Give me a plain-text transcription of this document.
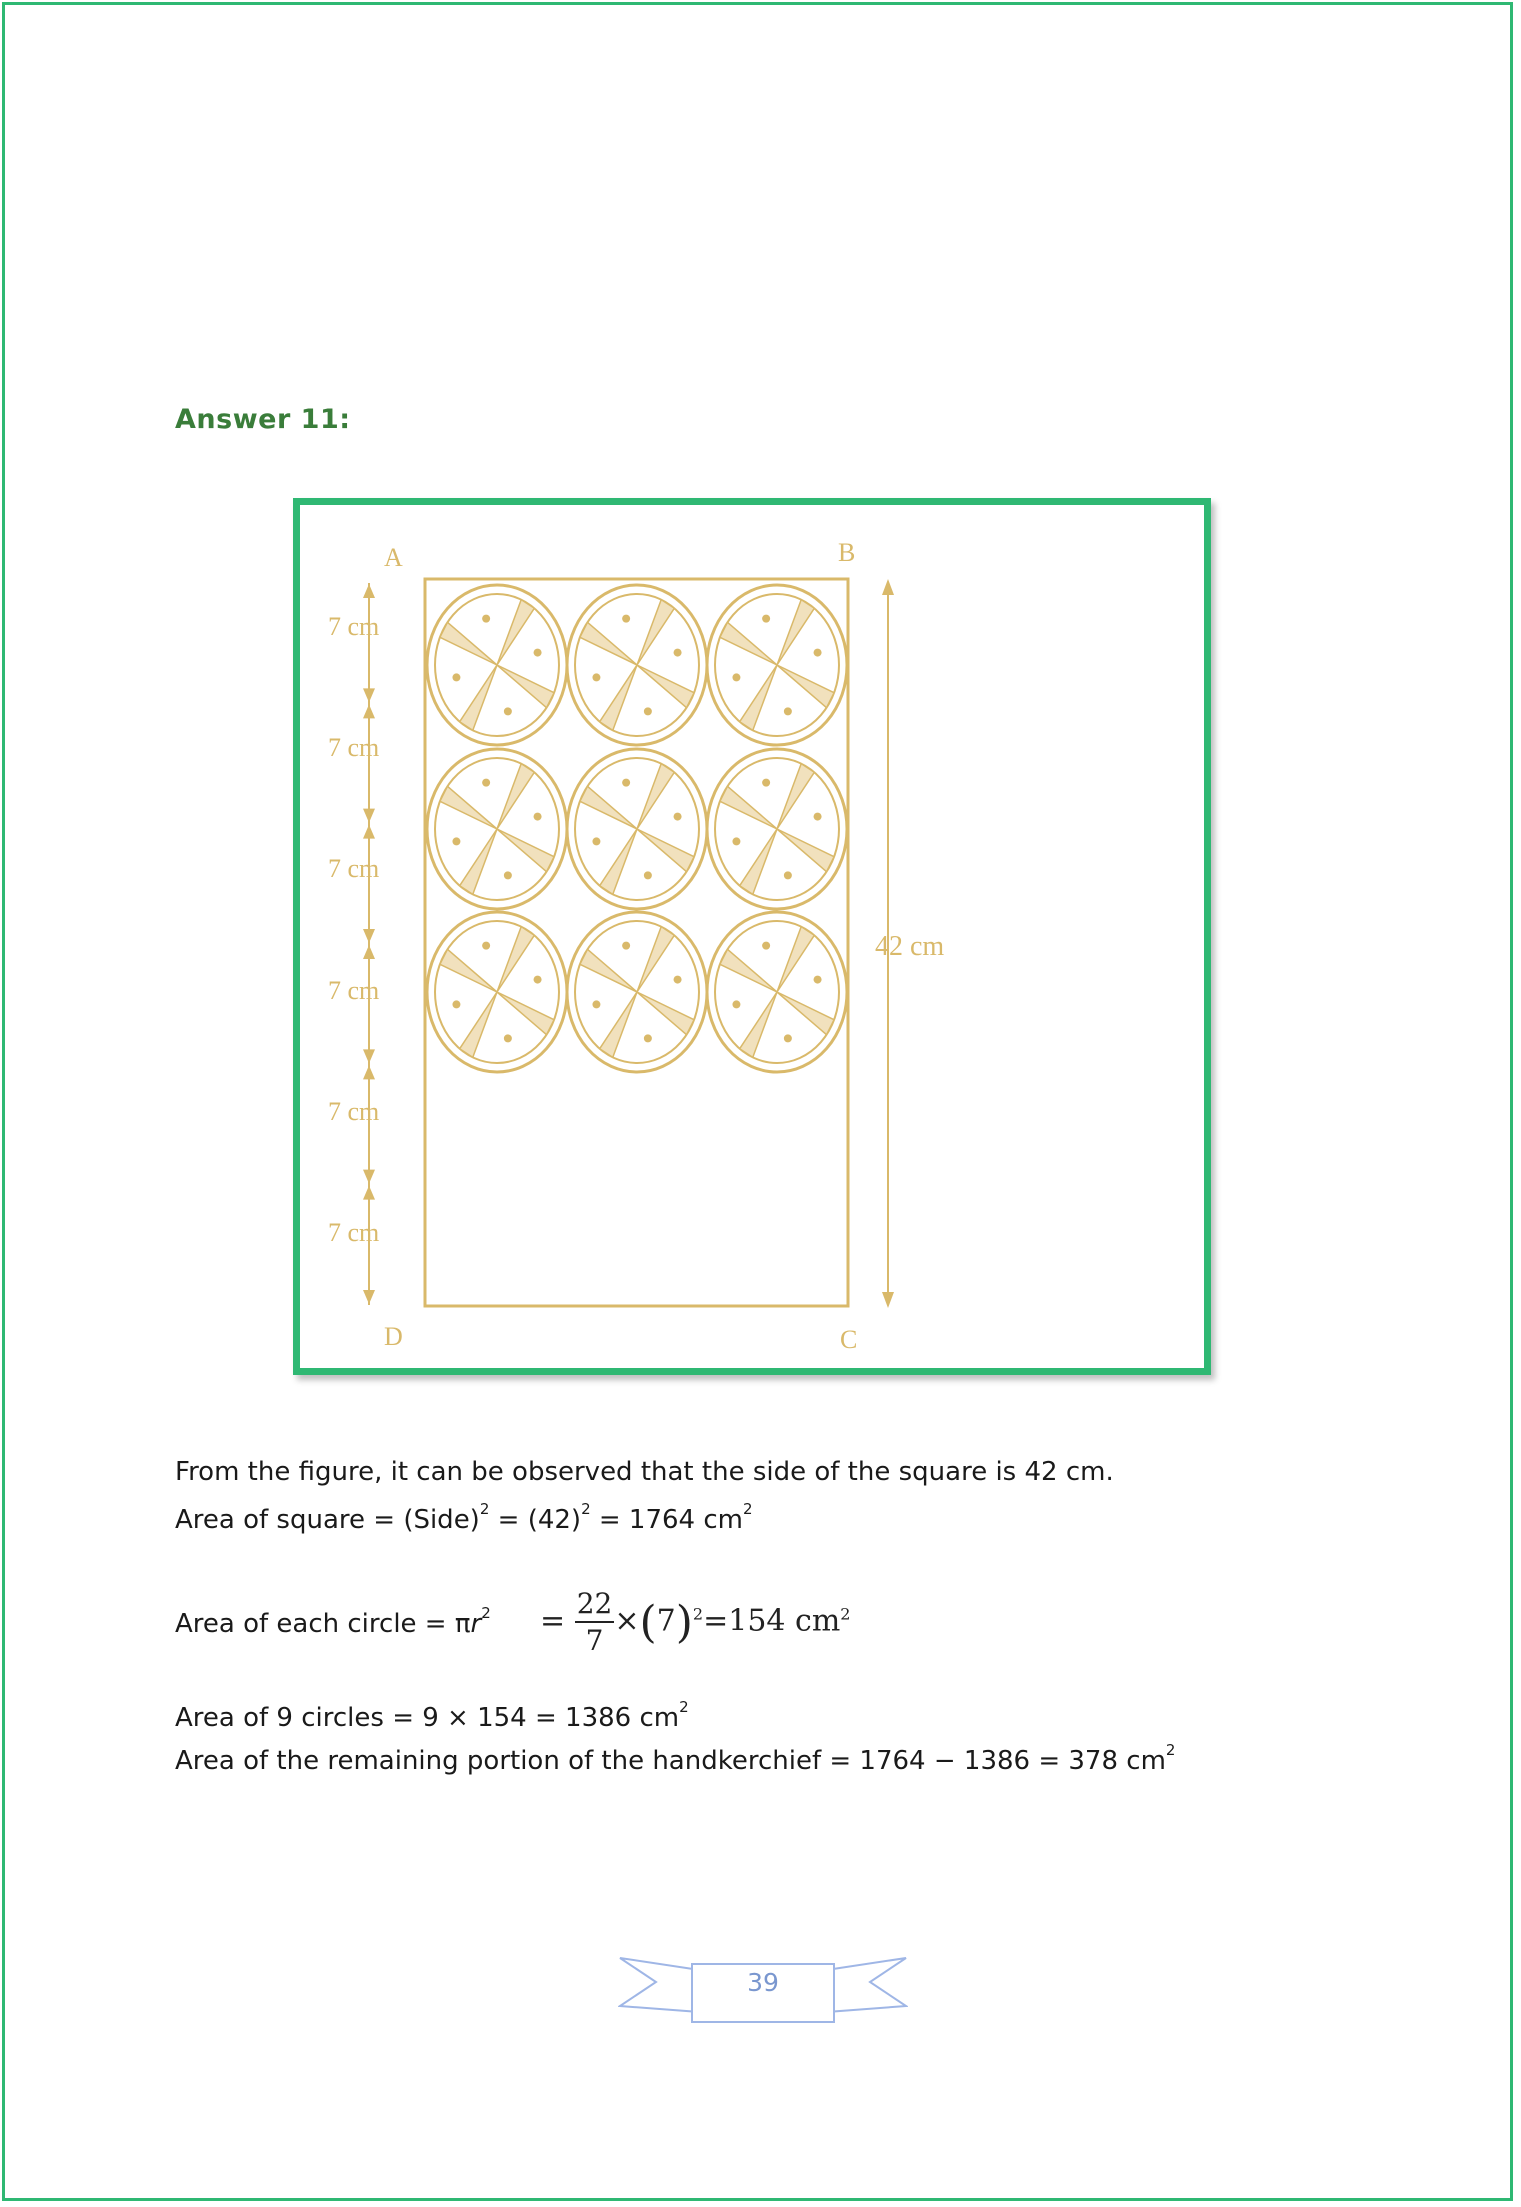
Answer 11:
42 cm
A	B
C
D
7 cm
7 cm
7 cm
7 cm
7 cm
7 cm
From the figure, it can be observed that the side of the square is 42 cm.
Area of square = (Side)$^2$ = $(42)^2 = 1764$ $cm^2$
Area of each circle = $\pi r^2 = \frac{22}{7} \times(7)^2=154$ $cm^2$
Area of 9 circles = 9 × 154 = 1386 $cm^2$
Area of the remaining portion of the handkerchief = 1764 − 1386 = 378 $cm^2$
39
